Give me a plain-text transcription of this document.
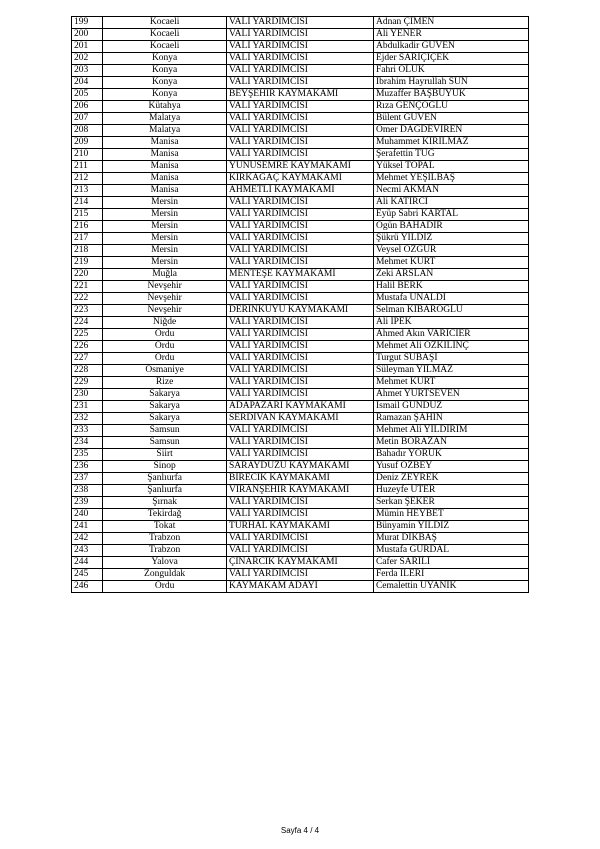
199	Kocaeli	VALİ YARDIMCISI	Adnan ÇİMEN
200	Kocaeli	VALİ YARDIMCISI	Ali YENER
201	Kocaeli	VALİ YARDIMCISI	Abdulkadir GÜVEN
202	Konya	VALİ YARDIMCISI	Ejder SARIÇİÇEK
203	Konya	VALİ YARDIMCISI	Fahri OLUK
204	Konya	VALİ YARDIMCISI	İbrahim Hayrullah SUN
205	Konya	BEYŞEHİR KAYMAKAMI	Muzaffer BAŞBÜYÜK
206	Kütahya	VALİ YARDIMCISI	Rıza GENÇOĞLU
207	Malatya	VALİ YARDIMCISI	Bülent GÜVEN
208	Malatya	VALİ YARDIMCISI	Ömer DAĞDEVİREN
209	Manisa	VALİ YARDIMCISI	Muhammet KIRILMAZ
210	Manisa	VALİ YARDIMCISI	Şerafettin TUĞ
211	Manisa	YUNUSEMRE KAYMAKAMI	Yüksel TOPAL
212	Manisa	KIRKAĞAÇ KAYMAKAMI	Mehmet YEŞİLBAŞ
213	Manisa	AHMETLİ KAYMAKAMI	Necmi AKMAN
214	Mersin	VALİ YARDIMCISI	Ali KATIRCI
215	Mersin	VALİ YARDIMCISI	Eyüp Sabri KARTAL
216	Mersin	VALİ YARDIMCISI	Ogün BAHADIR
217	Mersin	VALİ YARDIMCISI	Şükrü YILDIZ
218	Mersin	VALİ YARDIMCISI	Veysel ÖZGÜR
219	Mersin	VALİ YARDIMCISI	Mehmet KURT
220	Muğla	MENTEŞE KAYMAKAMI	Zeki ARSLAN
221	Nevşehir	VALİ YARDIMCISI	Halil BERK
222	Nevşehir	VALİ YARDIMCISI	Mustafa ÜNALDI
223	Nevşehir	DERİNKUYU KAYMAKAMI	Selman KİBAROĞLU
224	Niğde	VALİ YARDIMCISI	Ali İPEK
225	Ordu	VALİ YARDIMCISI	Ahmed Akın VARICIER
226	Ordu	VALİ YARDIMCISI	Mehmet Ali ÖZKILINÇ
227	Ordu	VALİ YARDIMCISI	Turgut SUBAŞI
228	Osmaniye	VALİ YARDIMCISI	Süleyman YILMAZ
229	Rize	VALİ YARDIMCISI	Mehmet KURT
230	Sakarya	VALİ YARDIMCISI	Ahmet YURTSEVEN
231	Sakarya	ADAPAZARI KAYMAKAMI	İsmail GÜNDÜZ
232	Sakarya	SERDİVAN KAYMAKAMI	Ramazan ŞAHİN
233	Samsun	VALİ YARDIMCISI	Mehmet Ali YILDIRIM
234	Samsun	VALİ YARDIMCISI	Metin BORAZAN
235	Siirt	VALİ YARDIMCISI	Bahadır YÖRÜK
236	Sinop	SARAYDÜZÜ KAYMAKAMI	Yusuf ÖZBEY
237	Şanlıurfa	BİRECİK KAYMAKAMI	Deniz ZEYREK
238	Şanlıurfa	VİRANŞEHİR KAYMAKAMI	Huzeyfe ÜTER
239	Şırnak	VALİ YARDIMCISI	Serkan ŞEKER
240	Tekirdağ	VALİ YARDIMCISI	Mümin HEYBET
241	Tokat	TURHAL KAYMAKAMI	Bünyamin YILDIZ
242	Trabzon	VALİ YARDIMCISI	Murat DİKBAŞ
243	Trabzon	VALİ YARDIMCISI	Mustafa GÜRDAL
244	Yalova	ÇINARCIK KAYMAKAMI	Cafer SARILI
245	Zonguldak	VALİ YARDIMCISI	Ferda İLERİ
246	Ordu	KAYMAKAM ADAYI	Cemalettin UYANIK
Sayfa 4 / 4
